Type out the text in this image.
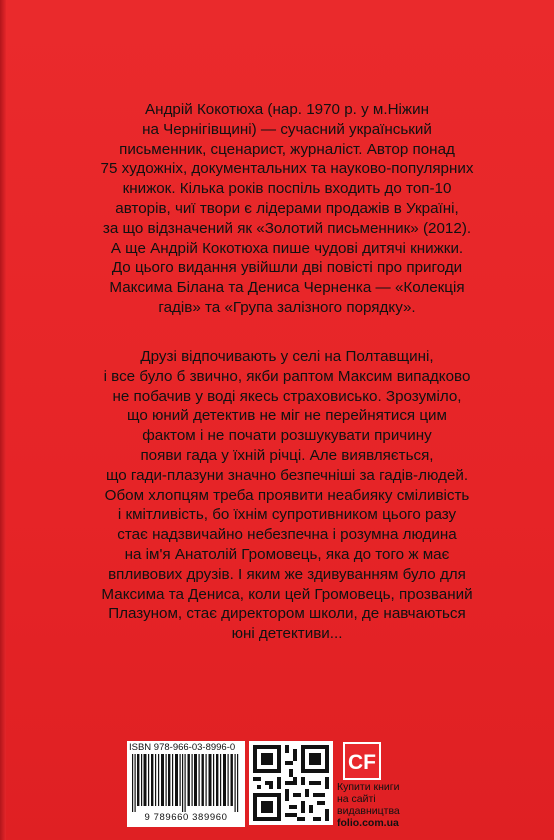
Андрій Кокотюха (нар. 1970 р. у м.Ніжин
на Чернігівщині) — сучасний український
письменник, сценарист, журналіст. Автор понад
75 художніх, документальних та науково-популярних
книжок. Кілька років поспіль входить до топ-10
авторів, чиї твори є лідерами продажів в Україні,
за що відзначений як «Золотий письменник» (2012).
А ще Андрій Кокотюха пише чудові дитячі книжки.
До цього видання увійшли дві повісті про пригоди
Максима Білана та Дениса Черненка — «Колекція
гадів» та «Група залізного порядку».

Друзі відпочивають у селі на Полтавщині,
і все було б звично, якби раптом Максим випадково
не побачив у воді якесь страховисько. Зрозуміло,
що юний детектив не міг не перейнятися цим
фактом і не почати розшукувати причину
появи гада у їхній річці. Але виявляється,
що гади-плазуни значно безпечніші за гадів-людей.
Обом хлопцям треба проявити неабияку сміливість
і кмітливість, бо їхнім супротивником цього разу
стає надзвичайно небезпечна і розумна людина
на ім'я Анатолій Громовець, яка до того ж має
впливових друзів. І яким же здивуванням було для
Максима та Дениса, коли цей Громовець, прозваний
Плазуном, стає директором школи, де навчаються
юні детективи...

ISBN 978-966-03-8996-0
9 789660 389960
CF
Купити книги
на сайті
видавництва
folio.com.ua
